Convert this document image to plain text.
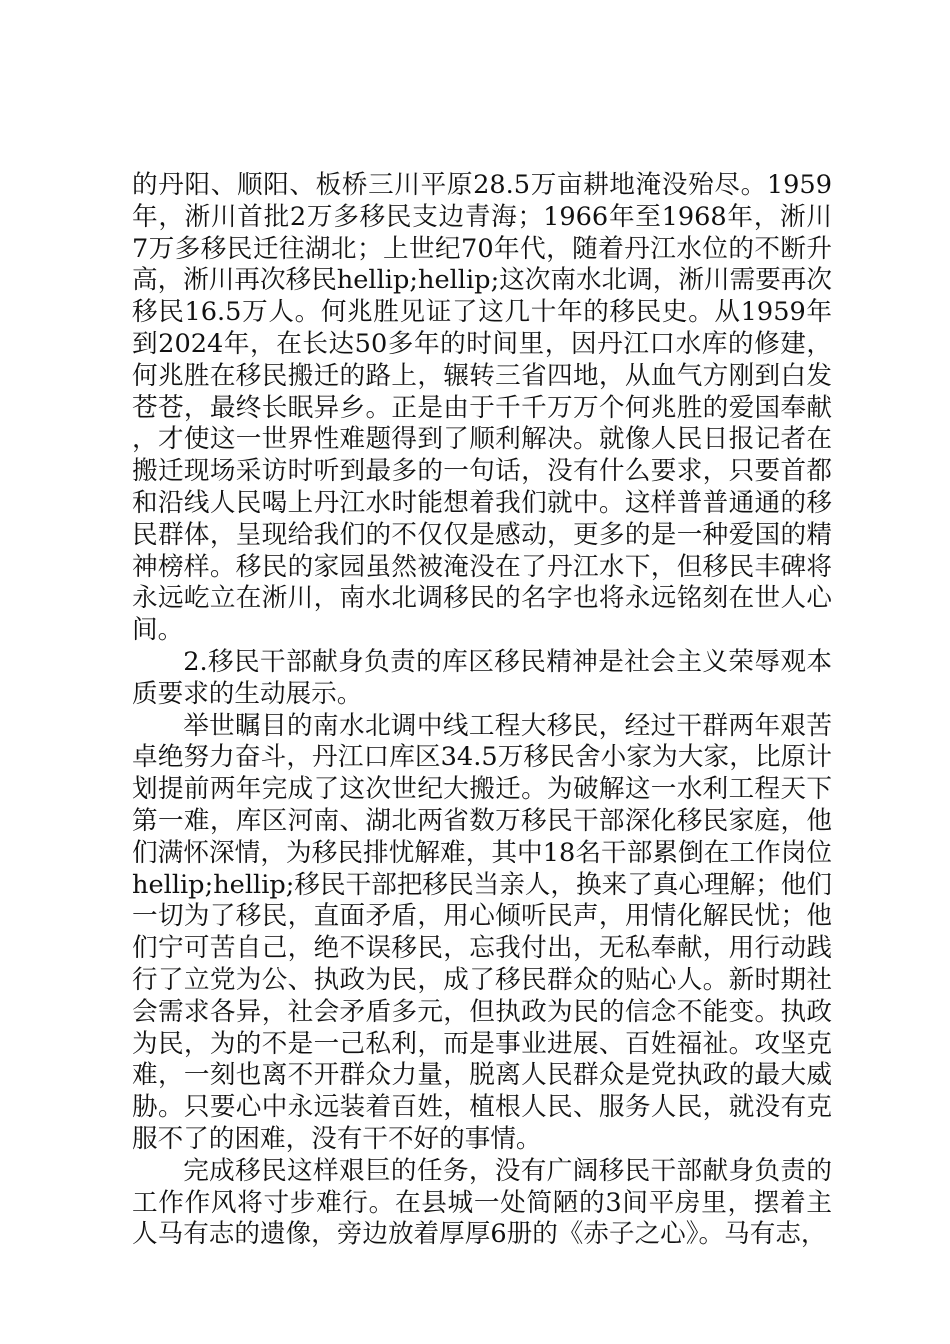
的丹阳、顺阳、板桥三川平原28.5万亩耕地淹没殆尽。1959年，淅川首批2万多移民支边青海；1966年至1968年，淅川7万多移民迁往湖北；上世纪70年代，随着丹江水位的不断升高，淅川再次移民hellip;hellip;这次南水北调，淅川需要再次移民16.5万人。何兆胜见证了这几十年的移民史。从1959年到2024年，在长达50多年的时间里，因丹江口水库的修建，何兆胜在移民搬迁的路上，辗转三省四地，从血气方刚到白发苍苍，最终长眠异乡。正是由于千千万万个何兆胜的爱国奉献，才使这一世界性难题得到了顺利解决。就像人民日报记者在搬迁现场采访时听到最多的一句话，没有什么要求，只要首都和沿线人民喝上丹江水时能想着我们就中。这样普普通通的移民群体，呈现给我们的不仅仅是感动，更多的是一种爱国的精神榜样。移民的家园虽然被淹没在了丹江水下，但移民丰碑将永远屹立在淅川，南水北调移民的名字也将永远铭刻在世人心间。

2.移民干部献身负责的库区移民精神是社会主义荣辱观本质要求的生动展示。

举世瞩目的南水北调中线工程大移民，经过干群两年艰苦卓绝努力奋斗，丹江口库区34.5万移民舍小家为大家，比原计划提前两年完成了这次世纪大搬迁。为破解这一水利工程天下第一难，库区河南、湖北两省数万移民干部深化移民家庭，他们满怀深情，为移民排忧解难，其中18名干部累倒在工作岗位hellip;hellip;移民干部把移民当亲人，换来了真心理解；他们一切为了移民，直面矛盾，用心倾听民声，用情化解民忧；他们宁可苦自己，绝不误移民，忘我付出，无私奉献，用行动践行了立党为公、执政为民，成了移民群众的贴心人。新时期社会需求各异，社会矛盾多元，但执政为民的信念不能变。执政为民，为的不是一己私利，而是事业进展、百姓福祉。攻坚克难，一刻也离不开群众力量，脱离人民群众是党执政的最大威胁。只要心中永远装着百姓，植根人民、服务人民，就没有克服不了的困难，没有干不好的事情。

完成移民这样艰巨的任务，没有广阔移民干部献身负责的工作作风将寸步难行。在县城一处简陋的3间平房里，摆着主人马有志的遗像，旁边放着厚厚6册的《赤子之心》。马有志，
